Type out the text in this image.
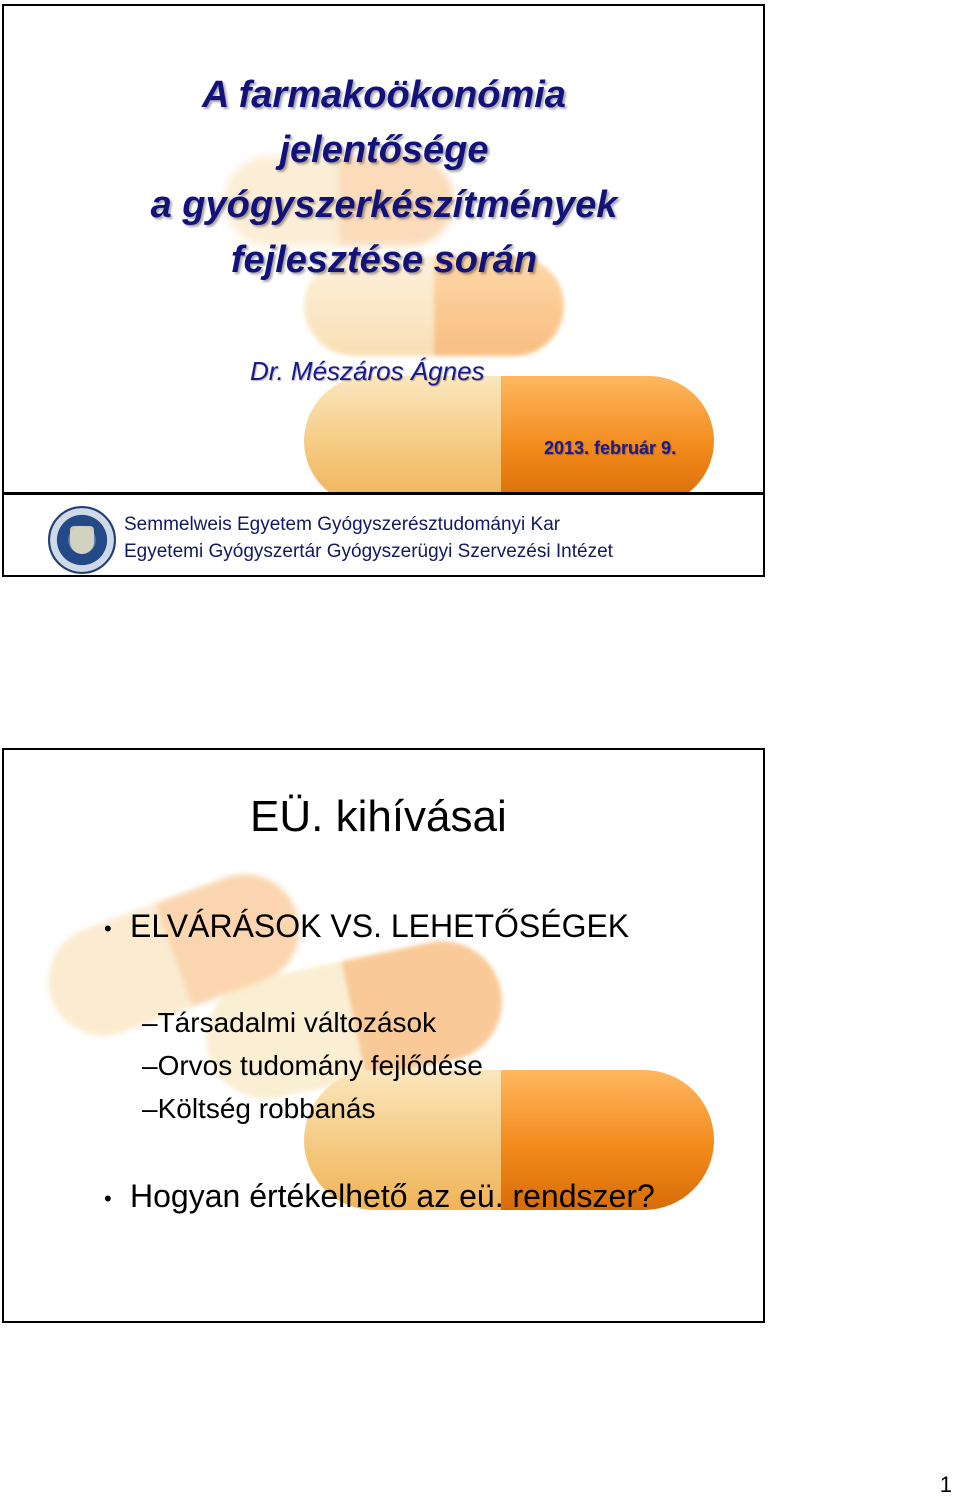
A farmakoökonómia
jelentősége
a gyógyszerkészítmények
fejlesztése során
Dr. Mészáros Ágnes
2013. február 9.
Semmelweis Egyetem Gyógyszerésztudományi Kar
Egyetemi Gyógyszertár Gyógyszerügyi Szervezési Intézet
EÜ. kihívásai
• ELVÁRÁSOK VS. LEHETŐSÉGEK
–Társadalmi változások
–Orvos tudomány fejlődése
–Költség robbanás
• Hogyan értékelhető az eü. rendszer?
1
